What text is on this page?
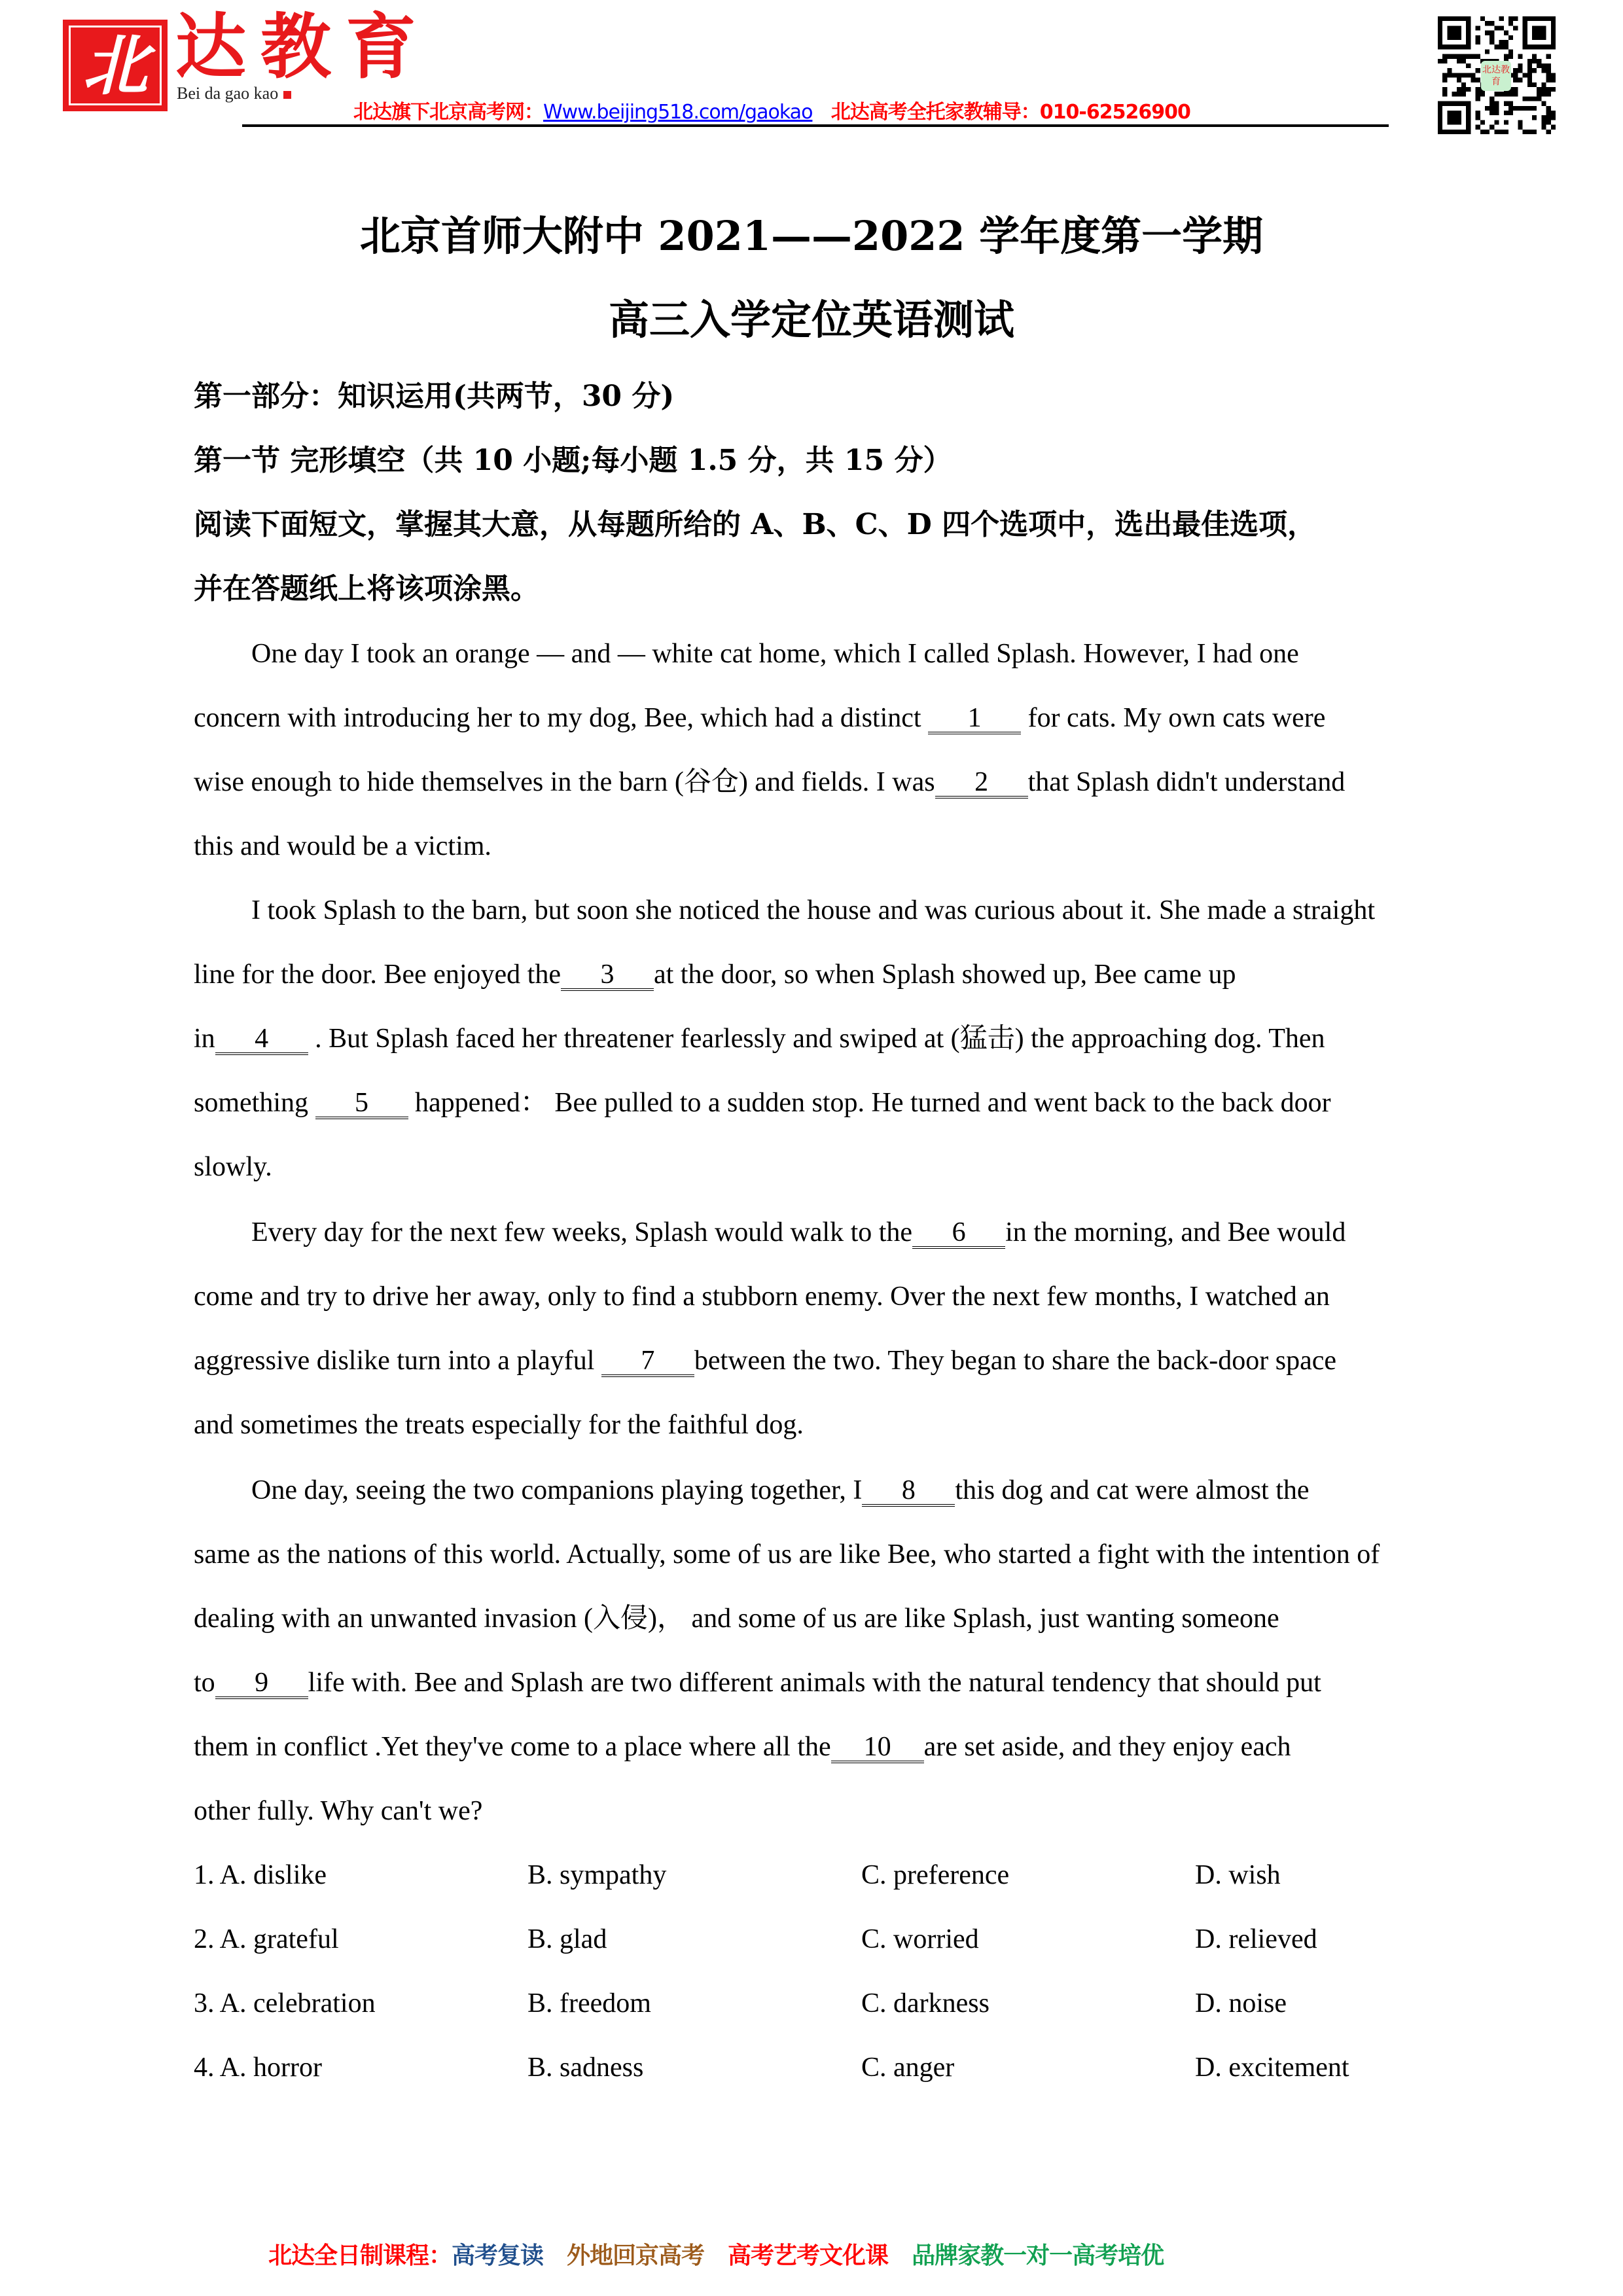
北 达教育
Bei da gao kao
北达旗下北京高考网：Www.beijing518.com/gaokao 北达高考全托家教辅导：010-62526900
北达教育
北京首师大附中 2021——2022 学年度第一学期
高三入学定位英语测试
第一部分：知识运用(共两节，30 分)
第一节 完形填空（共 10 小题;每小题 1.5 分，共 15 分）
阅读下面短文，掌握其大意，从每题所给的 A、B、C、D 四个选项中，选出最佳选项，
并在答题纸上将该项涂黑。
One day I took an orange — and — white cat home, which I called Splash. However, I had one
concern with introducing her to my dog, Bee, which had a distinct 1 for cats. My own cats were
wise enough to hide themselves in the barn (谷仓) and fields. I was 2 that Splash didn't understand
this and would be a victim.
I took Splash to the barn, but soon she noticed the house and was curious about it. She made a straight
line for the door. Bee enjoyed the 3 at the door, so when Splash showed up, Bee came up
in 4 . But Splash faced her threatener fearlessly and swiped at (猛击) the approaching dog. Then
something 5 happened： Bee pulled to a sudden stop. He turned and went back to the back door
slowly.
Every day for the next few weeks, Splash would walk to the 6 in the morning, and Bee would
come and try to drive her away, only to find a stubborn enemy. Over the next few months, I watched an
aggressive dislike turn into a playful 7 between the two. They began to share the back-door space
and sometimes the treats especially for the faithful dog.
One day, seeing the two companions playing together, I 8 this dog and cat were almost the
same as the nations of this world. Actually, some of us are like Bee, who started a fight with the intention of
dealing with an unwanted invasion (入侵)， and some of us are like Splash, just wanting someone
to 9 life with. Bee and Splash are two different animals with the natural tendency that should put
them in conflict .Yet they've come to a place where all the 10 are set aside, and they enjoy each
other fully. Why can't we?
1. A. dislike	B. sympathy	C. preference	D. wish
2. A. grateful	B. glad	C. worried	D. relieved
3. A. celebration	B. freedom	C. darkness	D. noise
4. A. horror	B. sadness	C. anger	D. excitement
北达全日制课程：高考复读 外地回京高考 高考艺考文化课 品牌家教一对一高考培优
